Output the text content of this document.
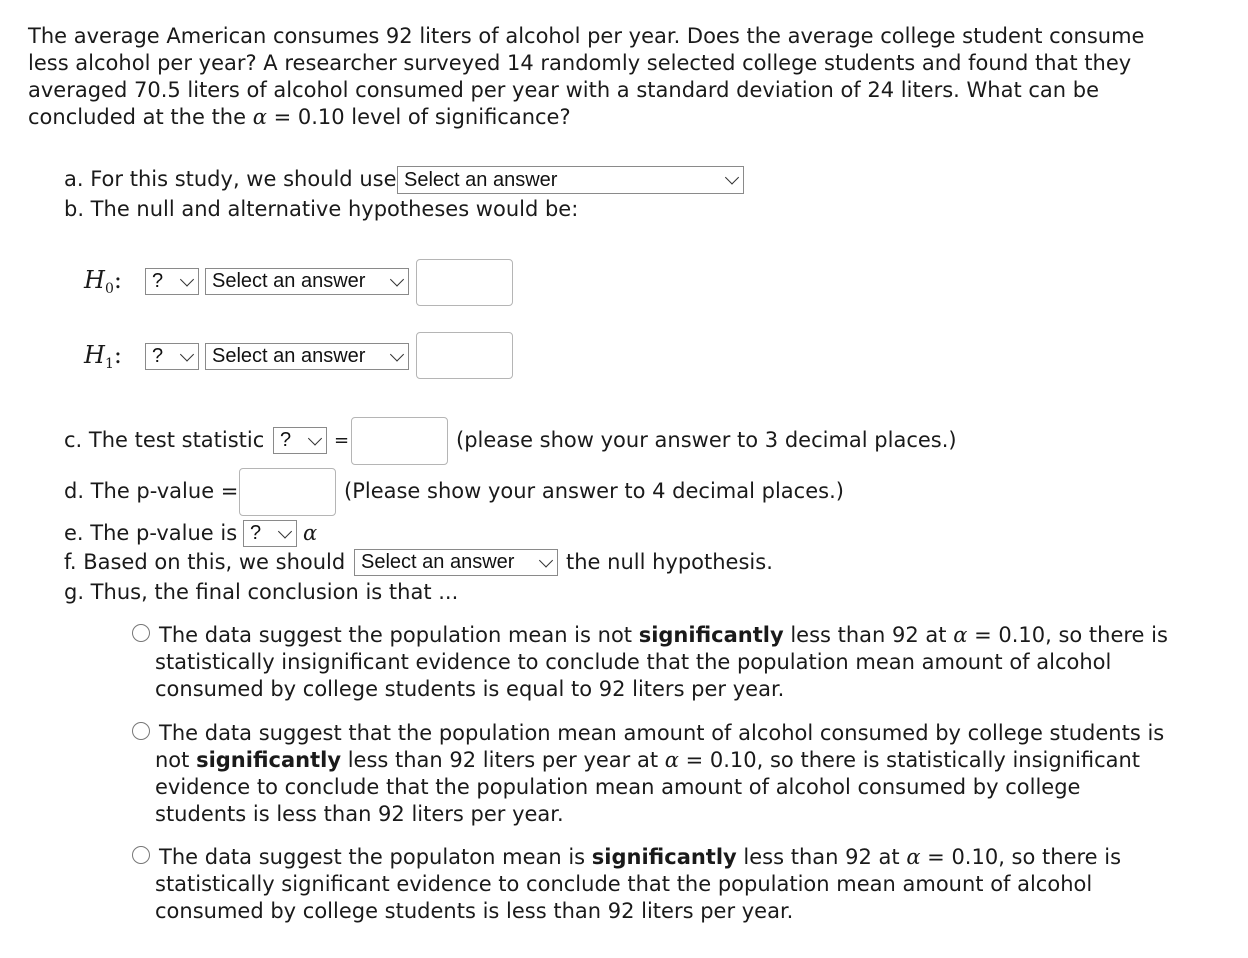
The average American consumes 92 liters of alcohol per year. Does the average college student consume
less alcohol per year? A researcher surveyed 14 randomly selected college students and found that they
averaged 70.5 liters of alcohol consumed per year with a standard deviation of 24 liters. What can be
concluded at the the α = 0.10 level of significance?
a. For this study, we should use Select an answer
b. The null and alternative hypotheses would be:
$H_0$: ? Select an answer
$H_1$: ? Select an answer
c. The test statistic ? =	(please show your answer to 3 decimal places.)
d. The p-value =	(Please show your answer to 4 decimal places.)
e. The p-value is ? α
f. Based on this, we should Select an answer the null hypothesis.
g. Thus, the final conclusion is that ...
The data suggest the population mean is not significantly less than 92 at α = 0.10, so there is
statistically insignificant evidence to conclude that the population mean amount of alcohol
consumed by college students is equal to 92 liters per year.
The data suggest that the population mean amount of alcohol consumed by college students is
not significantly less than 92 liters per year at α = 0.10, so there is statistically insignificant
evidence to conclude that the population mean amount of alcohol consumed by college
students is less than 92 liters per year.
The data suggest the populaton mean is significantly less than 92 at α = 0.10, so there is
statistically significant evidence to conclude that the population mean amount of alcohol
consumed by college students is less than 92 liters per year.
